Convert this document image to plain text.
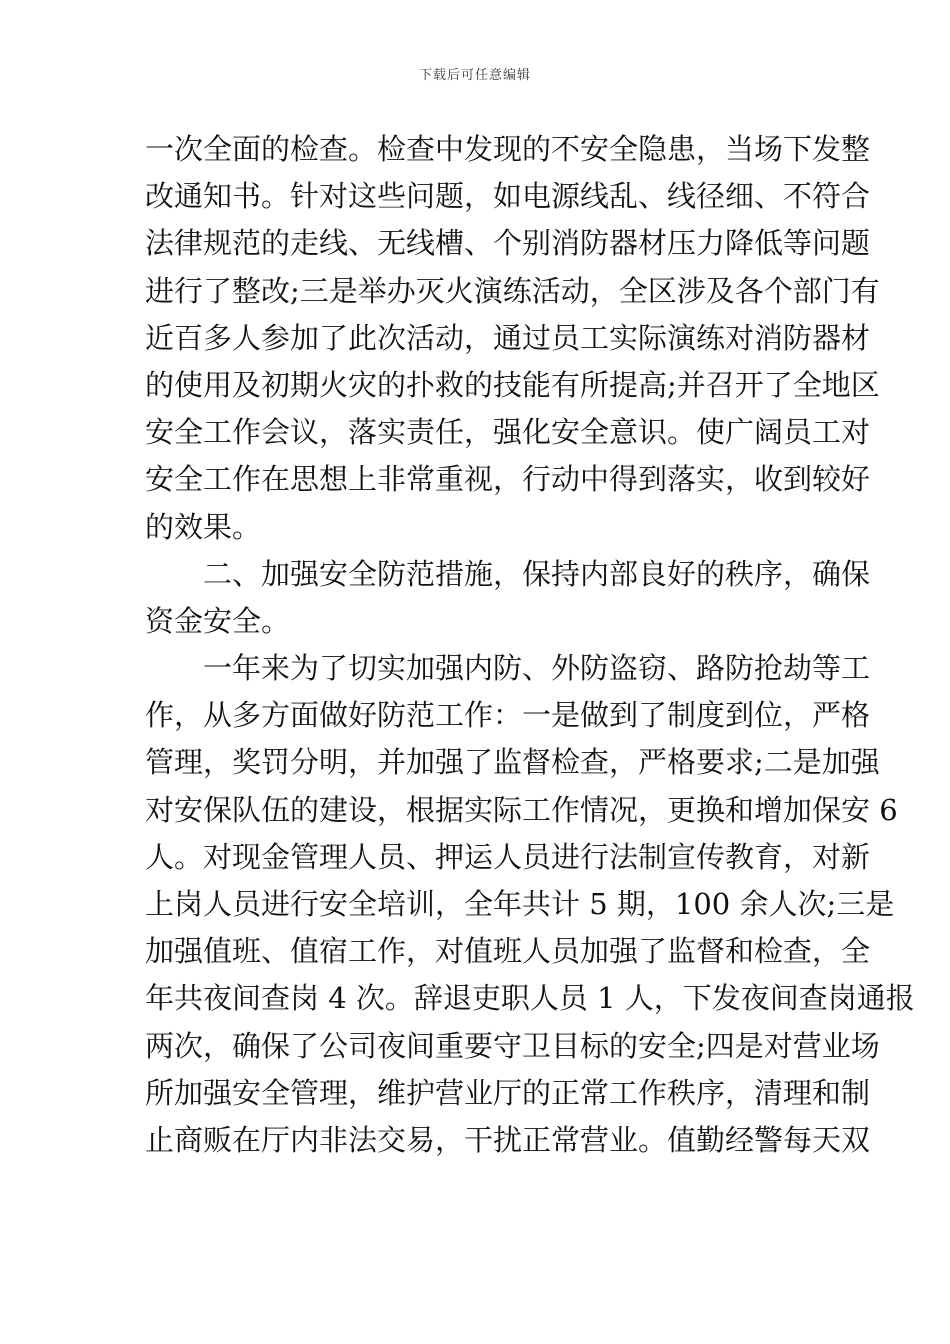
下载后可任意编辑
一次全面的检查。检查中发现的不安全隐患，当场下发整
改通知书。针对这些问题，如电源线乱、线径细、不符合
法律规范的走线、无线槽、个别消防器材压力降低等问题
进行了整改;三是举办灭火演练活动，全区涉及各个部门有
近百多人参加了此次活动，通过员工实际演练对消防器材
的使用及初期火灾的扑救的技能有所提高;并召开了全地区
安全工作会议，落实责任，强化安全意识。使广阔员工对
安全工作在思想上非常重视，行动中得到落实，收到较好
的效果。
二、加强安全防范措施，保持内部良好的秩序，确保
资金安全。
一年来为了切实加强内防、外防盗窃、路防抢劫等工
作，从多方面做好防范工作：一是做到了制度到位，严格
管理，奖罚分明，并加强了监督检查，严格要求;二是加强
对安保队伍的建设，根据实际工作情况，更换和增加保安 6
人。对现金管理人员、押运人员进行法制宣传教育，对新
上岗人员进行安全培训，全年共计 5 期，100 余人次;三是
加强值班、值宿工作，对值班人员加强了监督和检查，全
年共夜间查岗 4 次。辞退吏职人员 1 人，下发夜间查岗通报
两次，确保了公司夜间重要守卫目标的安全;四是对营业场
所加强安全管理，维护营业厅的正常工作秩序，清理和制
止商贩在厅内非法交易，干扰正常营业。值勤经警每天双
